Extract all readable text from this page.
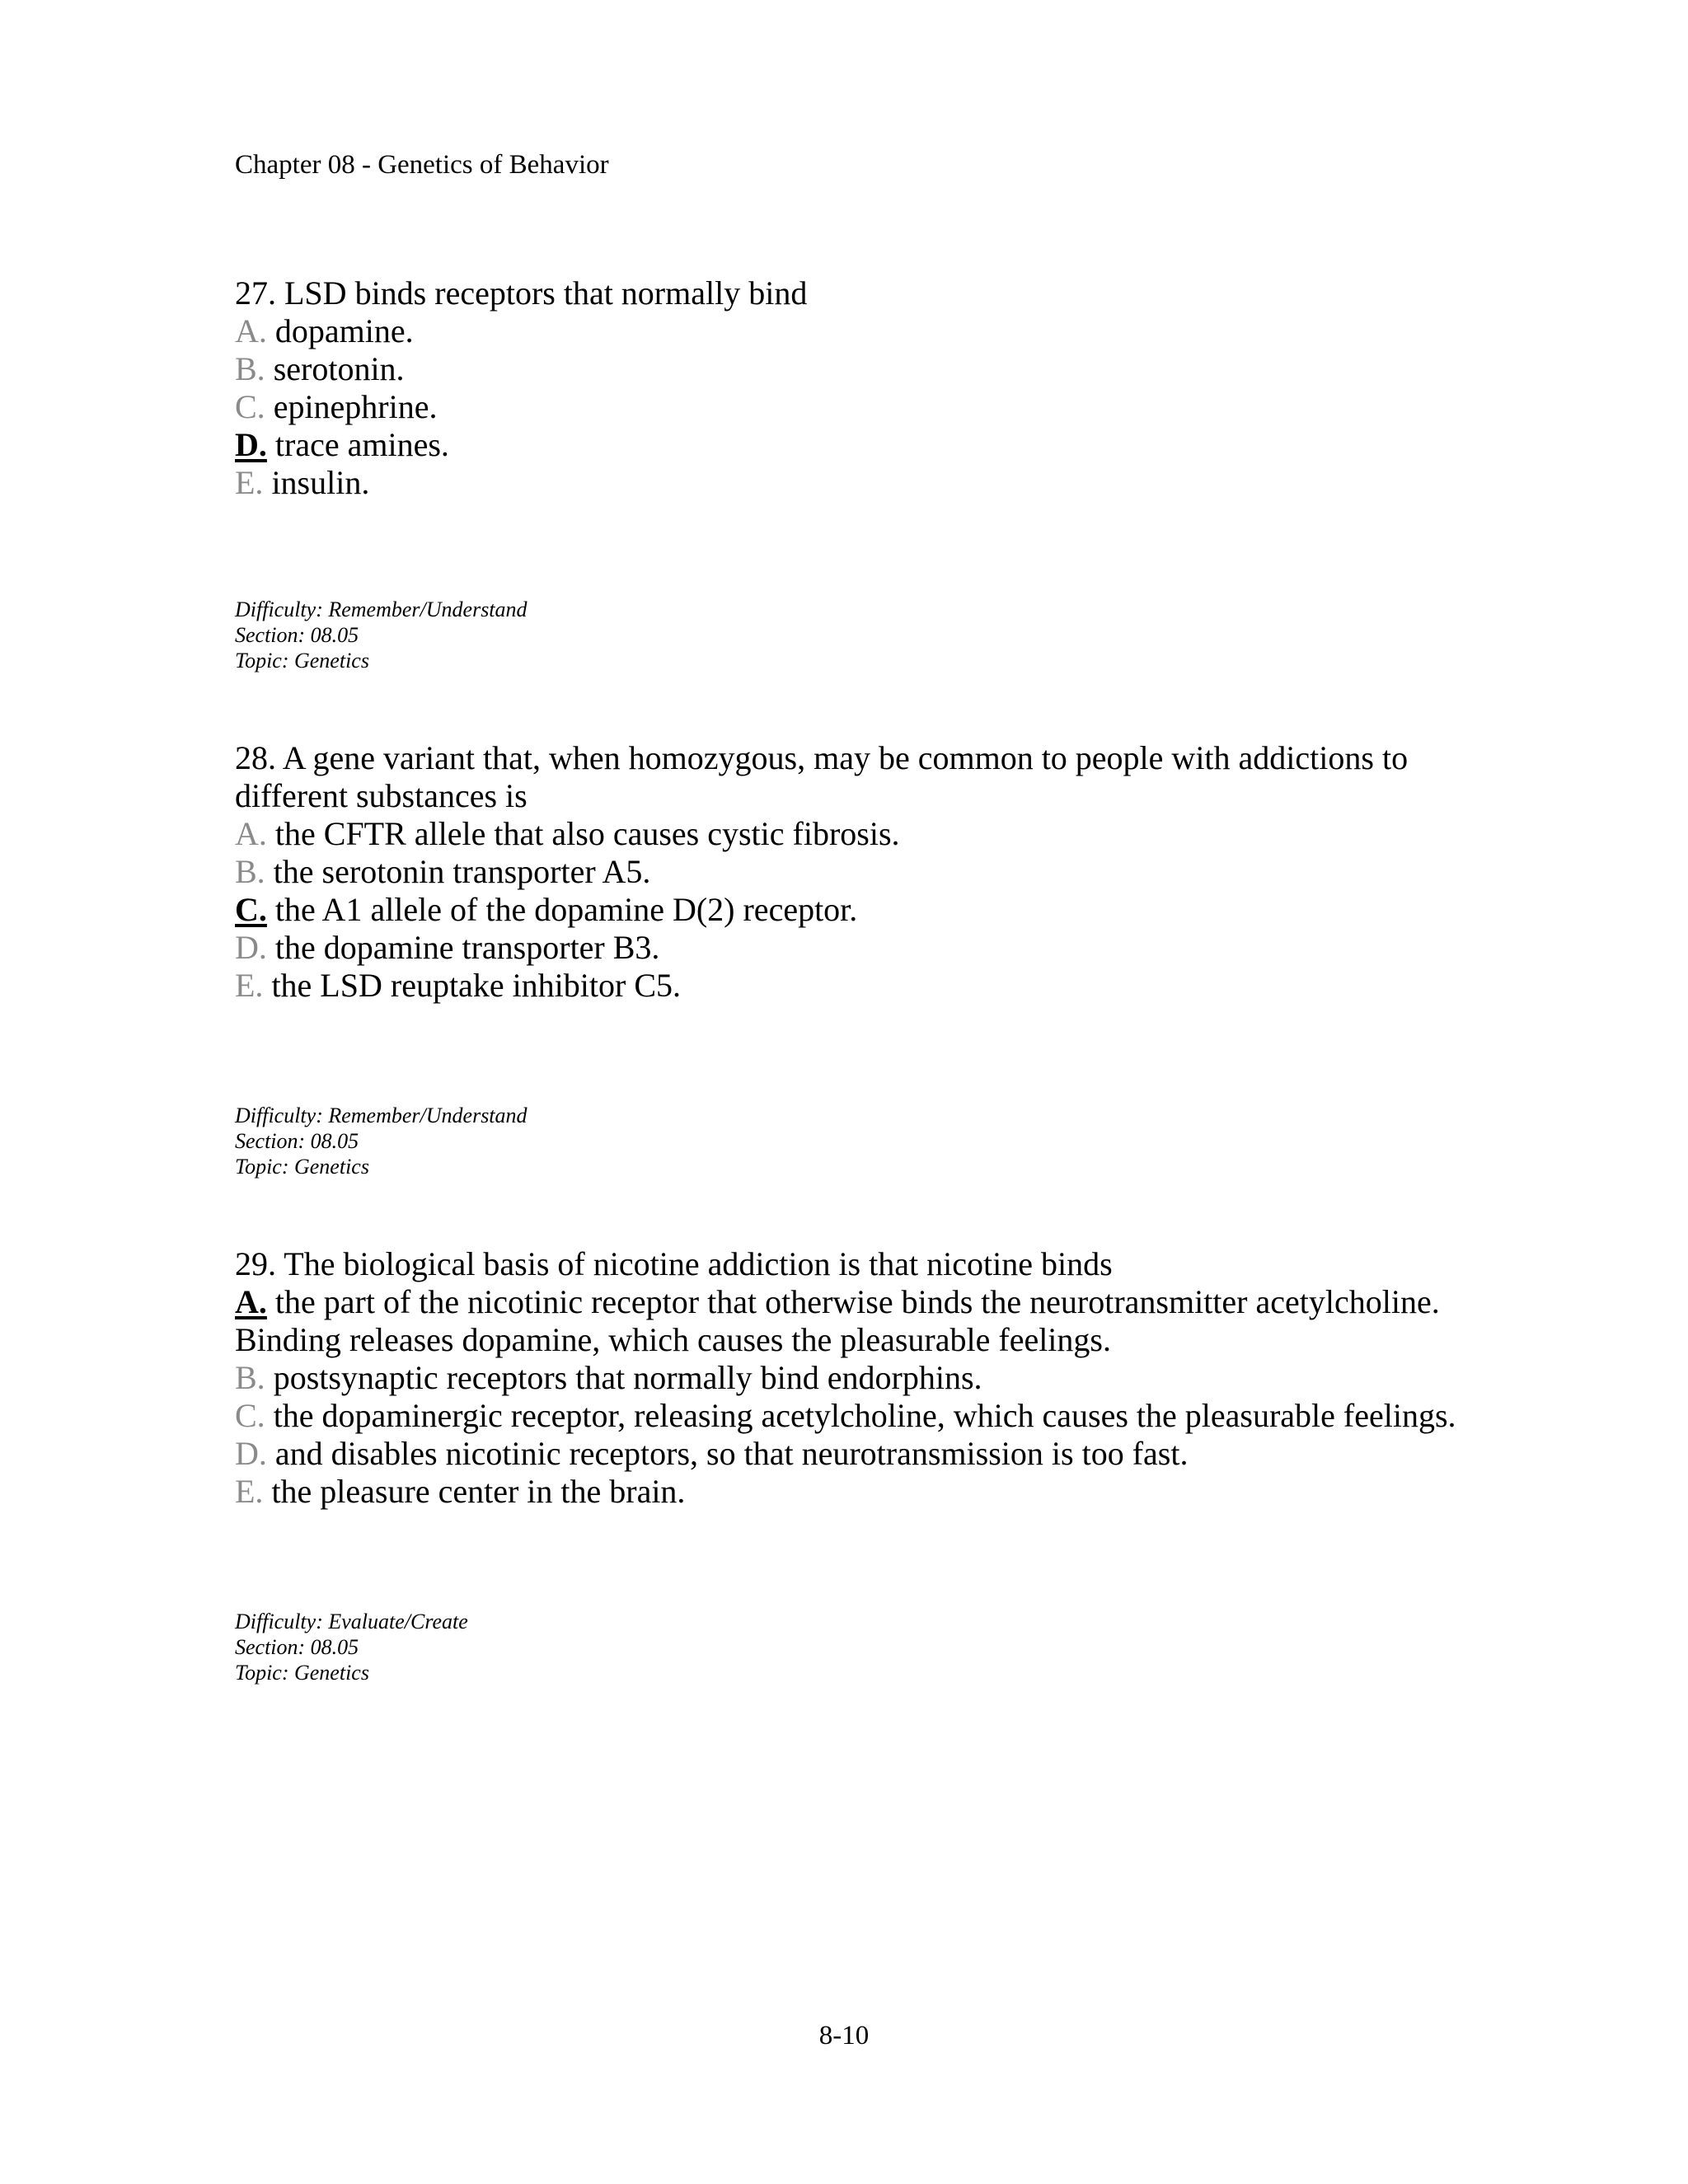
Chapter 08 - Genetics of Behavior

27. LSD binds receptors that normally bind

A. dopamine.

B. serotonin.

C. epinephrine.

D. trace amines.

E. insulin.

Difficulty: Remember/Understand
Section: 08.05
Topic: Genetics

28. A gene variant that, when homozygous, may be common to people with addictions to different substances is

A. the CFTR allele that also causes cystic fibrosis.

B. the serotonin transporter A5.

C. the A1 allele of the dopamine D(2) receptor.

D. the dopamine transporter B3.

E. the LSD reuptake inhibitor C5.

Difficulty: Remember/Understand
Section: 08.05
Topic: Genetics

29. The biological basis of nicotine addiction is that nicotine binds

A. the part of the nicotinic receptor that otherwise binds the neurotransmitter acetylcholine. Binding releases dopamine, which causes the pleasurable feelings.

B. postsynaptic receptors that normally bind endorphins.

C. the dopaminergic receptor, releasing acetylcholine, which causes the pleasurable feelings.

D. and disables nicotinic receptors, so that neurotransmission is too fast.

E. the pleasure center in the brain.

Difficulty: Evaluate/Create
Section: 08.05
Topic: Genetics
8-10
